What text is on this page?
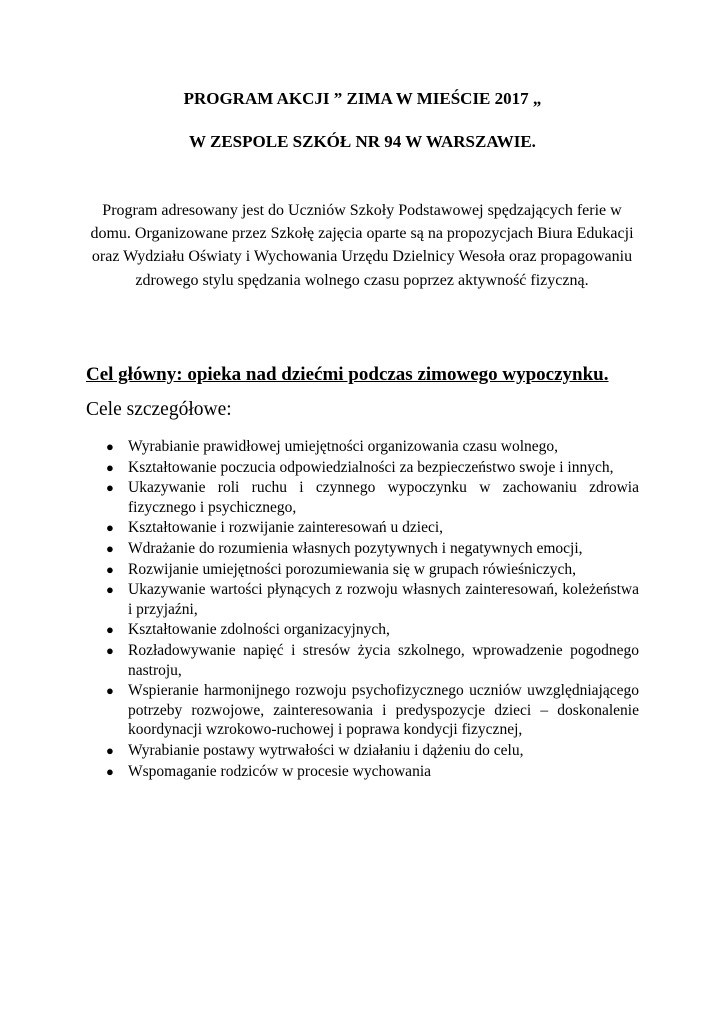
PROGRAM AKCJI ” ZIMA W MIEŚCIE 2017 „
W ZESPOLE SZKÓŁ NR 94 W WARSZAWIE.

Program adresowany jest do Uczniów Szkoły Podstawowej spędzających ferie w domu. Organizowane przez Szkołę zajęcia oparte są na propozycjach Biura Edukacji oraz Wydziału Oświaty i Wychowania Urzędu Dzielnicy Wesoła oraz propagowaniu zdrowego stylu spędzania wolnego czasu poprzez aktywność fizyczną.

Cel główny: opieka nad dziećmi podczas zimowego wypoczynku.

Cele szczegółowe:

● Wyrabianie prawidłowej umiejętności organizowania czasu wolnego,
● Kształtowanie poczucia odpowiedzialności za bezpieczeństwo swoje i innych,
● Ukazywanie roli ruchu i czynnego wypoczynku w zachowaniu zdrowia fizycznego i psychicznego,
● Kształtowanie i rozwijanie zainteresowań u dzieci,
● Wdrażanie do rozumienia własnych pozytywnych i negatywnych emocji,
● Rozwijanie umiejętności porozumiewania się w grupach rówieśniczych,
● Ukazywanie wartości płynących z rozwoju własnych zainteresowań, koleżeństwa i przyjaźni,
● Kształtowanie zdolności organizacyjnych,
● Rozładowywanie napięć i stresów życia szkolnego, wprowadzenie pogodnego nastroju,
● Wspieranie harmonijnego rozwoju psychofizycznego uczniów uwzględniającego potrzeby rozwojowe, zainteresowania i predyspozycje dzieci – doskonalenie koordynacji wzrokowo-ruchowej i poprawa kondycji fizycznej,
● Wyrabianie postawy wytrwałości w działaniu i dążeniu do celu,
● Wspomaganie rodziców w procesie wychowania
